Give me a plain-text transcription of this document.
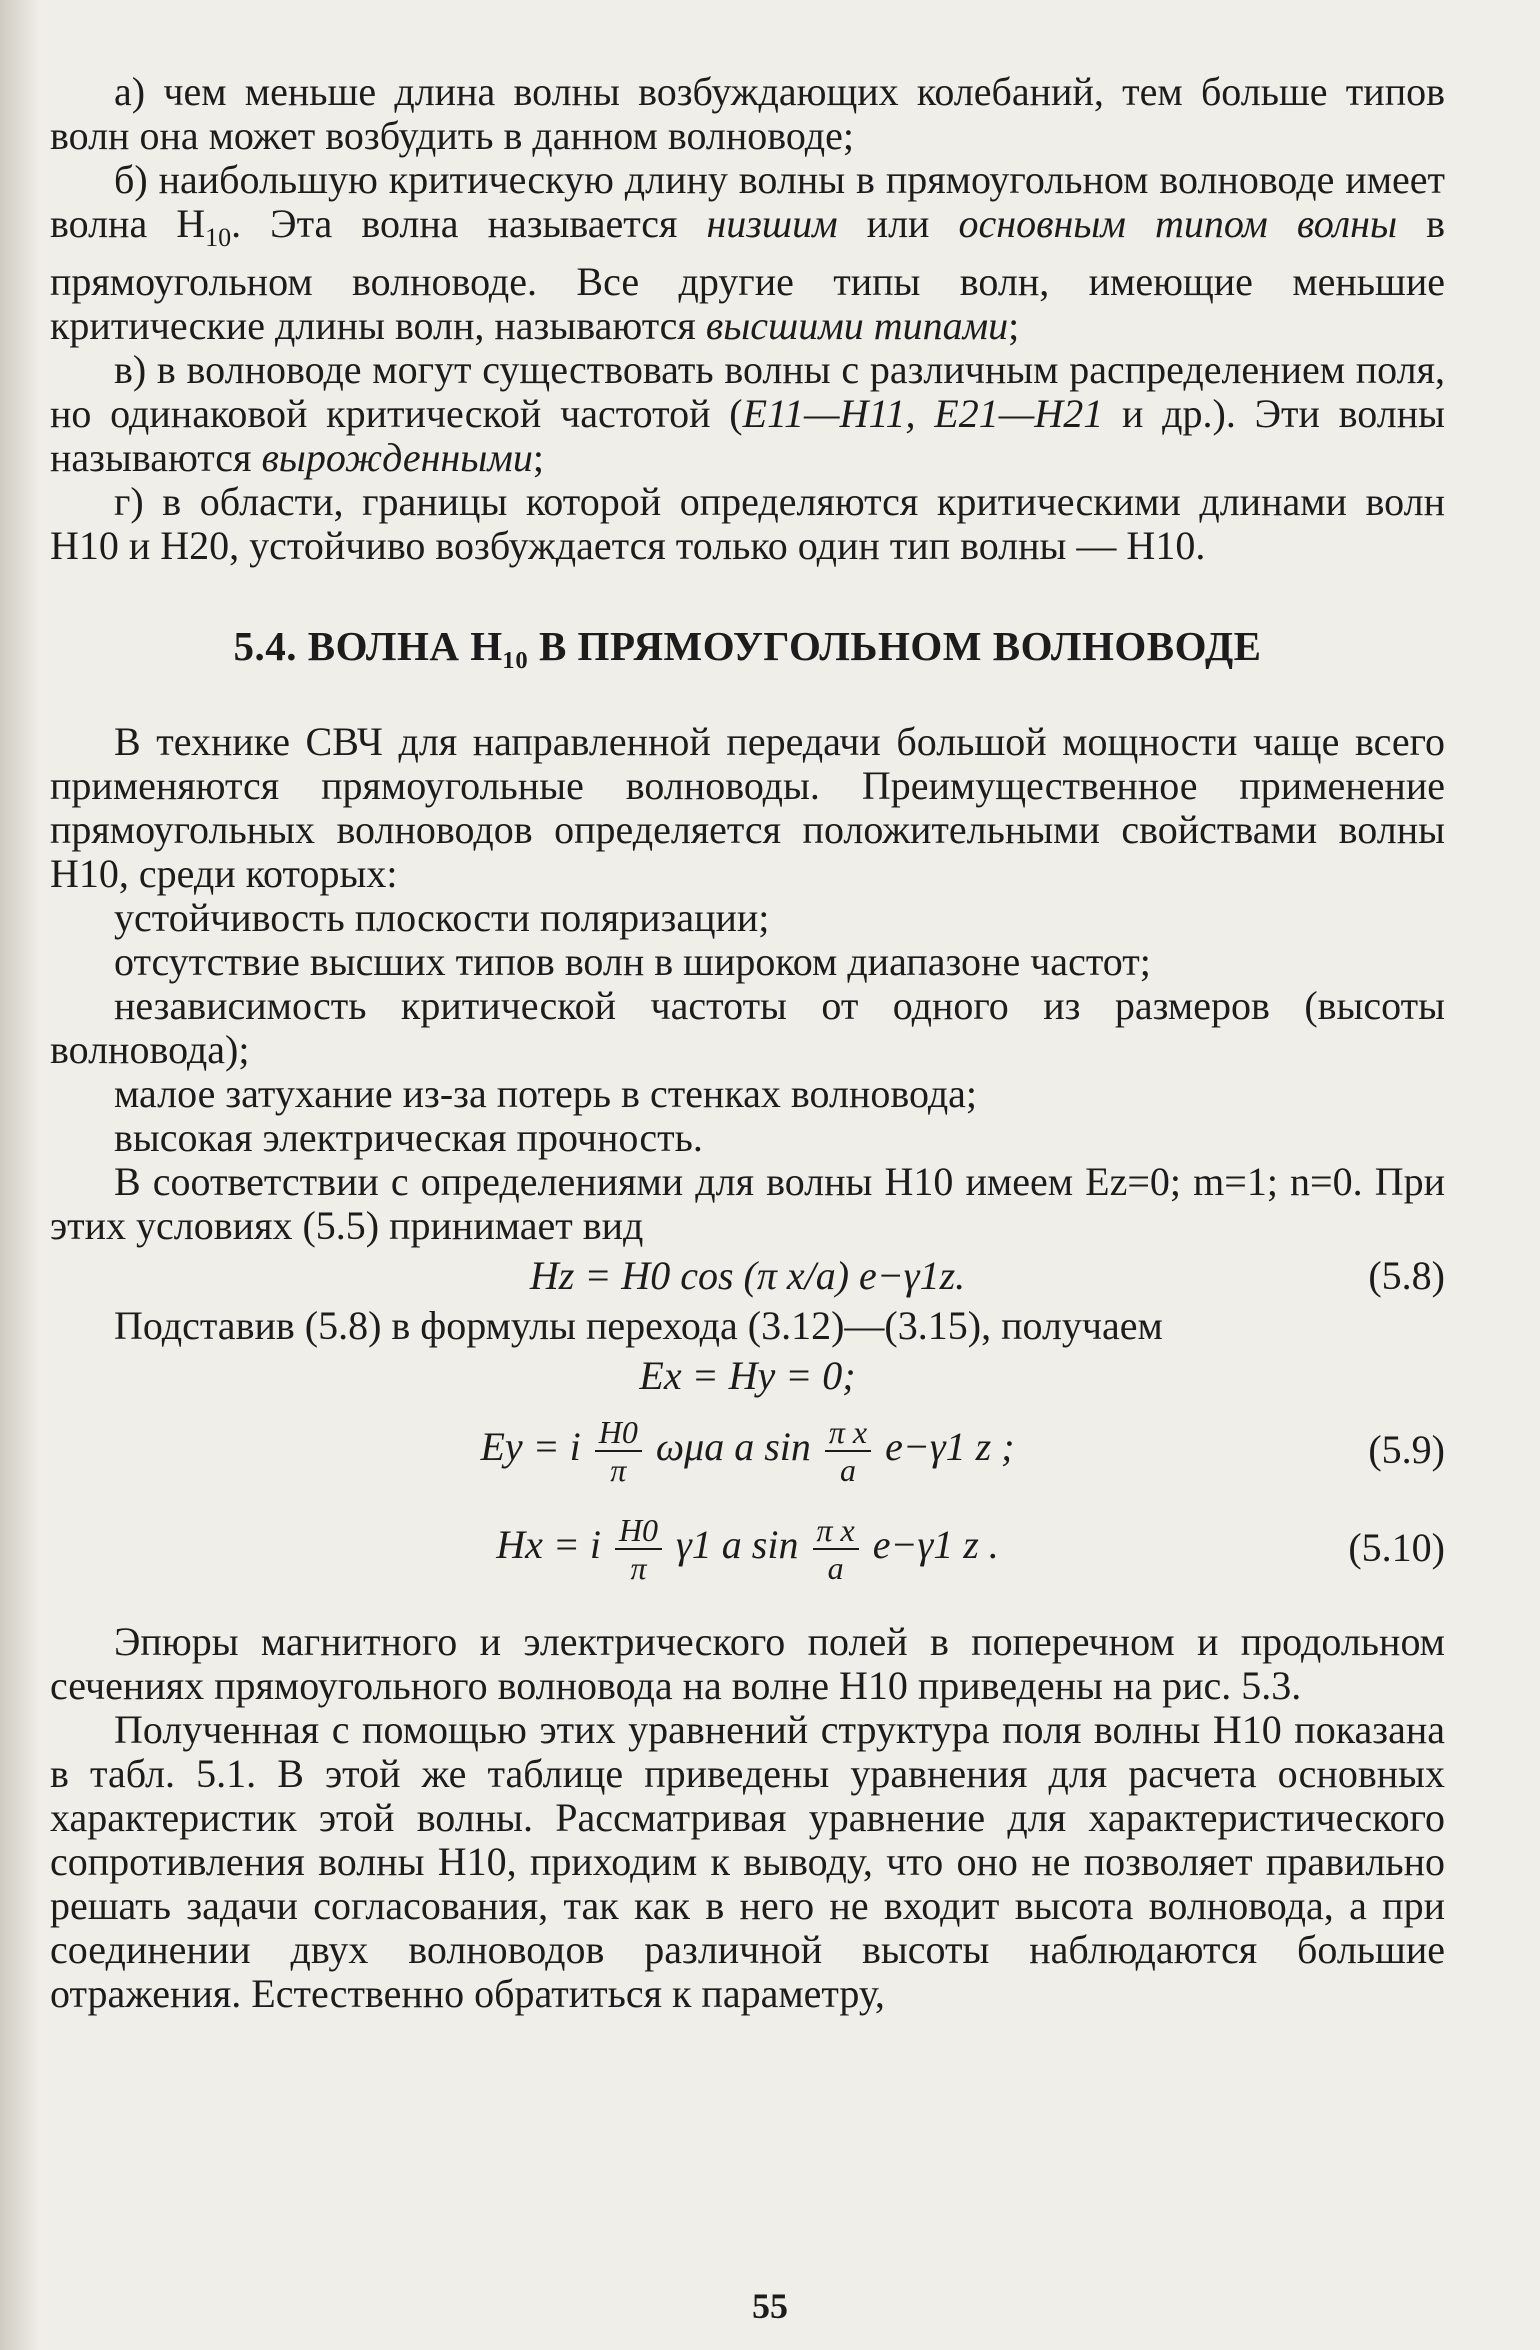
а) чем меньше длина волны возбуждающих колебаний, тем больше типов волн она может возбудить в данном волноводе;

б) наибольшую критическую длину волны в прямоугольном волноводе имеет волна $H_{10}$. Эта волна называется низшим или основным типом волны в прямоугольном волноводе. Все другие типы волн, имеющие меньшие критические длины волн, называются высшими типами;

в) в волноводе могут существовать волны с различным распределением поля, но одинаковой критической частотой (E11—H11, E21—H21 и др.). Эти волны называются вырожденными;

г) в области, границы которой определяются критическими длинами волн H10 и H20, устойчиво возбуждается только один тип волны — H10.

5.4. ВОЛНА H₁₀ В ПРЯМОУГОЛЬНОМ ВОЛНОВОДЕ

В технике СВЧ для направленной передачи большой мощности чаще всего применяются прямоугольные волноводы. Преимущественное применение прямоугольных волноводов определяется положительными свойствами волны H10, среди которых:

устойчивость плоскости поляризации;

отсутствие высших типов волн в широком диапазоне частот;

независимость критической частоты от одного из размеров (высоты волновода);

малое затухание из-за потерь в стенках волновода;

высокая электрическая прочность.

В соответствии с определениями для волны H10 имеем Ez=0; m=1; n=0. При этих условиях (5.5) принимает вид

Hz = H0 cos (π x/a) e−γ1z.	(5.8)

Подставив (5.8) в формулы перехода (3.12)—(3.15), получаем

Ex = Hy = 0;
Ey = i $\frac{H0}{\pi}$ ωμa a $\sin \frac{\text{π x}}{a} e-\gamma 1$ z ;	(5.9)
Hx = i $\frac{H0}{\pi} \gamma 1$ a $\sin \frac{\text{π x}}{a} e-\gamma 1$ z .	(5.10)

Эпюры магнитного и электрического полей в поперечном и продольном сечениях прямоугольного волновода на волне H10 приведены на рис. 5.3.

Полученная с помощью этих уравнений структура поля волны H10 показана в табл. 5.1. В этой же таблице приведены уравнения для расчета основных характеристик этой волны. Рассматривая уравнение для характеристического сопротивления волны H10, приходим к выводу, что оно не позволяет правильно решать задачи согласования, так как в него не входит высота волновода, а при соединении двух волноводов различной высоты наблюдаются большие отражения. Естественно обратиться к параметру,

55
